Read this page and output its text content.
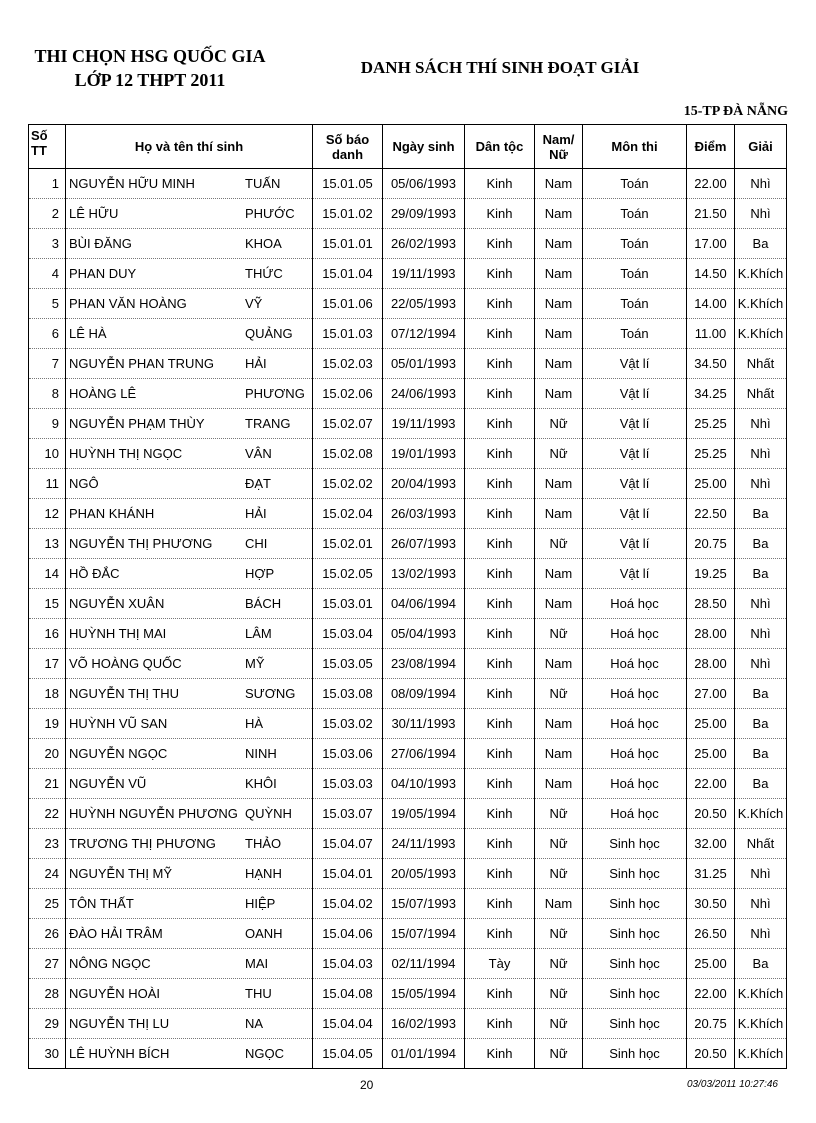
THI CHỌN HSG QUỐC GIA
LỚP 12 THPT 2011
DANH SÁCH THÍ SINH ĐOẠT GIẢI
15-TP ĐÀ NẴNG
Số TT	Họ và tên thí sinh	Số báo danh	Ngày sinh	Dân tộc	Nam/ Nữ	Môn thi	Điểm	Giải
1	NGUYỄN HỮU MINH TUẤN	15.01.05	05/06/1993	Kinh	Nam	Toán	22.00	Nhì
2	LÊ HỮU PHƯỚC	15.01.02	29/09/1993	Kinh	Nam	Toán	21.50	Nhì
3	BÙI ĐĂNG KHOA	15.01.01	26/02/1993	Kinh	Nam	Toán	17.00	Ba
4	PHAN DUY THỨC	15.01.04	19/11/1993	Kinh	Nam	Toán	14.50	K.Khích
5	PHAN VĂN HOÀNG VỸ	15.01.06	22/05/1993	Kinh	Nam	Toán	14.00	K.Khích
6	LÊ HÀ QUẢNG	15.01.03	07/12/1994	Kinh	Nam	Toán	11.00	K.Khích
7	NGUYỄN PHAN TRUNG HẢI	15.02.03	05/01/1993	Kinh	Nam	Vật lí	34.50	Nhất
8	HOÀNG LÊ PHƯƠNG	15.02.06	24/06/1993	Kinh	Nam	Vật lí	34.25	Nhất
9	NGUYỄN PHẠM THÙY TRANG	15.02.07	19/11/1993	Kinh	Nữ	Vật lí	25.25	Nhì
10	HUỲNH THỊ NGỌC VÂN	15.02.08	19/01/1993	Kinh	Nữ	Vật lí	25.25	Nhì
11	NGÔ ĐẠT	15.02.02	20/04/1993	Kinh	Nam	Vật lí	25.00	Nhì
12	PHAN KHÁNH HẢI	15.02.04	26/03/1993	Kinh	Nam	Vật lí	22.50	Ba
13	NGUYỄN THỊ PHƯƠNG CHI	15.02.01	26/07/1993	Kinh	Nữ	Vật lí	20.75	Ba
14	HỒ ĐẮC HỢP	15.02.05	13/02/1993	Kinh	Nam	Vật lí	19.25	Ba
15	NGUYỄN XUÂN BÁCH	15.03.01	04/06/1994	Kinh	Nam	Hoá học	28.50	Nhì
16	HUỲNH THỊ MAI LÂM	15.03.04	05/04/1993	Kinh	Nữ	Hoá học	28.00	Nhì
17	VÕ HOÀNG QUỐC MỸ	15.03.05	23/08/1994	Kinh	Nam	Hoá học	28.00	Nhì
18	NGUYỄN THỊ THU SƯƠNG	15.03.08	08/09/1994	Kinh	Nữ	Hoá học	27.00	Ba
19	HUỲNH VŨ SAN HÀ	15.03.02	30/11/1993	Kinh	Nam	Hoá học	25.00	Ba
20	NGUYỄN NGỌC NINH	15.03.06	27/06/1994	Kinh	Nam	Hoá học	25.00	Ba
21	NGUYỄN VŨ KHÔI	15.03.03	04/10/1993	Kinh	Nam	Hoá học	22.00	Ba
22	HUỲNH NGUYỄN PHƯƠNG QUỲNH	15.03.07	19/05/1994	Kinh	Nữ	Hoá học	20.50	K.Khích
23	TRƯƠNG THỊ PHƯƠNG THẢO	15.04.07	24/11/1993	Kinh	Nữ	Sinh học	32.00	Nhất
24	NGUYỄN THỊ MỸ HẠNH	15.04.01	20/05/1993	Kinh	Nữ	Sinh học	31.25	Nhì
25	TÔN THẤT HIỆP	15.04.02	15/07/1993	Kinh	Nam	Sinh học	30.50	Nhì
26	ĐÀO HẢI TRÂM OANH	15.04.06	15/07/1994	Kinh	Nữ	Sinh học	26.50	Nhì
27	NÔNG NGỌC MAI	15.04.03	02/11/1994	Tày	Nữ	Sinh học	25.00	Ba
28	NGUYỄN HOÀI THU	15.04.08	15/05/1994	Kinh	Nữ	Sinh học	22.00	K.Khích
29	NGUYỄN THỊ LU NA	15.04.04	16/02/1993	Kinh	Nữ	Sinh học	20.75	K.Khích
30	LÊ HUỲNH BÍCH NGỌC	15.04.05	01/01/1994	Kinh	Nữ	Sinh học	20.50	K.Khích
20	03/03/2011 10:27:46
